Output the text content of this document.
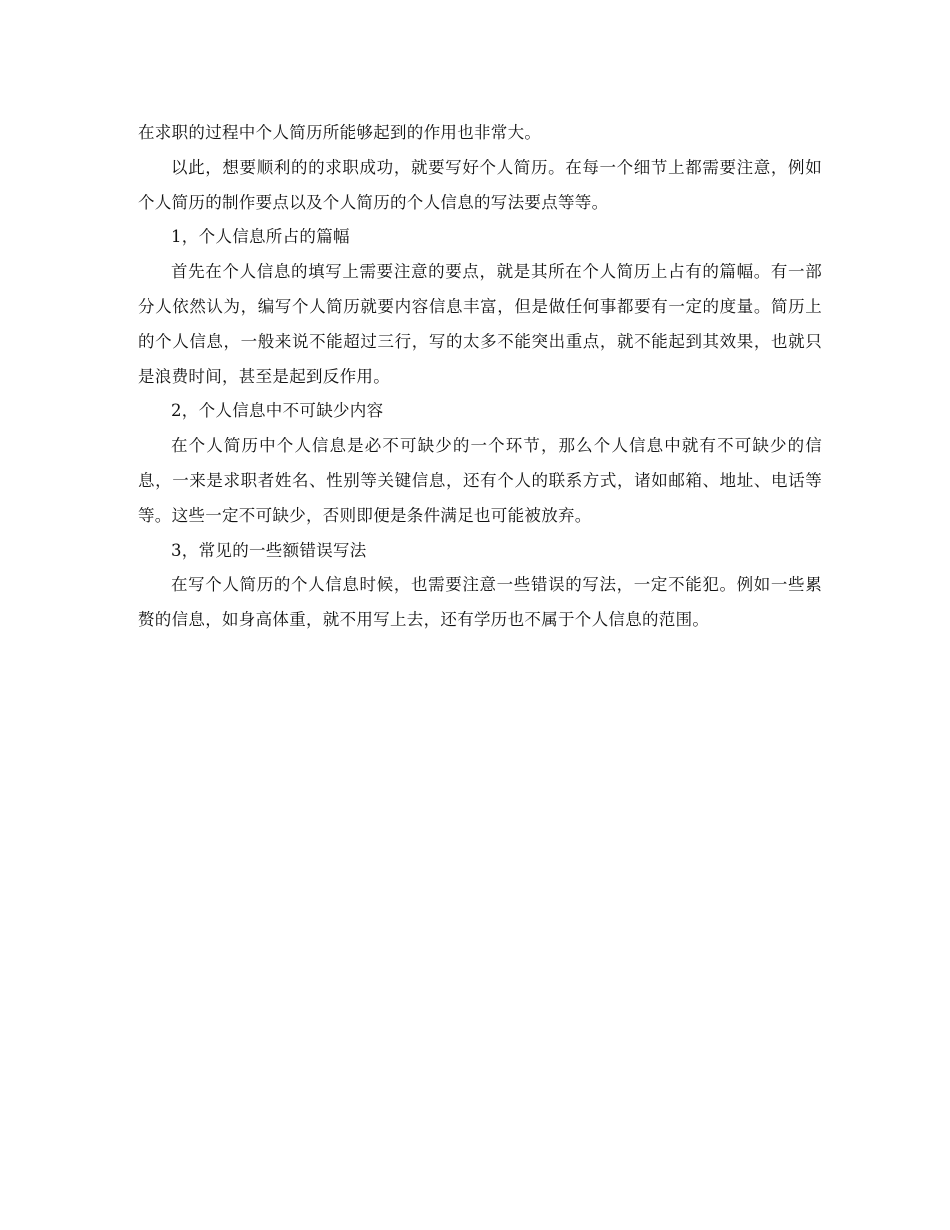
在求职的过程中个人简历所能够起到的作用也非常大。

以此，想要顺利的的求职成功，就要写好个人简历。在每一个细节上都需要注意，例如个人简历的制作要点以及个人简历的个人信息的写法要点等等。

1，个人信息所占的篇幅

首先在个人信息的填写上需要注意的要点，就是其所在个人简历上占有的篇幅。有一部分人依然认为，编写个人简历就要内容信息丰富，但是做任何事都要有一定的度量。简历上的个人信息，一般来说不能超过三行，写的太多不能突出重点，就不能起到其效果，也就只是浪费时间，甚至是起到反作用。

2，个人信息中不可缺少内容

在个人简历中个人信息是必不可缺少的一个环节，那么个人信息中就有不可缺少的信息，一来是求职者姓名、性别等关键信息，还有个人的联系方式，诸如邮箱、地址、电话等等。这些一定不可缺少，否则即便是条件满足也可能被放弃。

3，常见的一些额错误写法

在写个人简历的个人信息时候，也需要注意一些错误的写法，一定不能犯。例如一些累赘的信息，如身高体重，就不用写上去，还有学历也不属于个人信息的范围。
